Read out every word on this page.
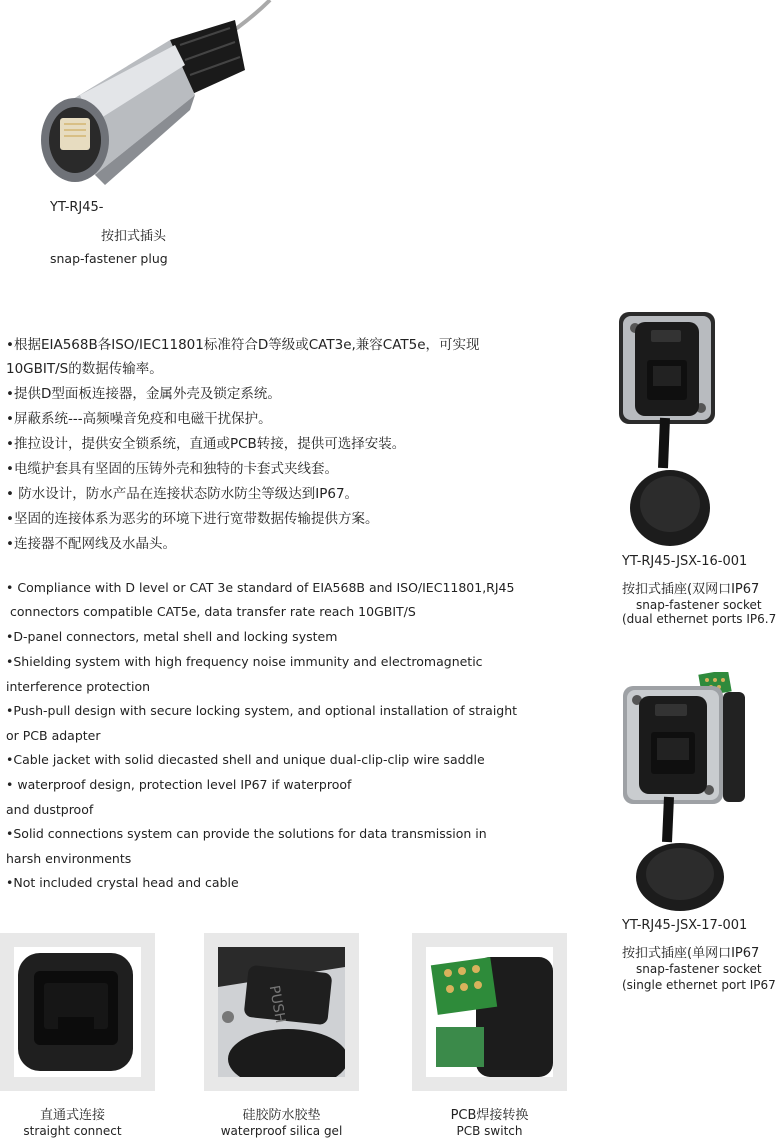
YT-RJ45-
按扣式插头
snap-fastener plug
•根据EIA568B各ISO/IEC11801标准符合D等级或CAT3e,兼容CAT5e，可实现
10GBIT/S的数据传输率。
•提供D型面板连接器，金属外壳及锁定系统。
•屏蔽系统---高频噪音免疫和电磁干扰保护。
•推拉设计，提供安全锁系统，直通或PCB转接，提供可选择安装。
•电缆护套具有坚固的压铸外壳和独特的卡套式夹线套。
• 防水设计，防水产品在连接状态防水防尘等级达到IP67。
•坚固的连接体系为恶劣的环境下进行宽带数据传输提供方案。
•连接器不配网线及水晶头。
• Compliance with D level or CAT 3e standard of EIA568B and ISO/IEC11801,RJ45
connectors compatible CAT5e, data transfer rate reach 10GBIT/S
•D-panel connectors, metal shell and locking system
•Shielding system with high frequency noise immunity and electromagnetic
interference protection
•Push-pull design with secure locking system, and optional installation of straight
or PCB adapter
•Cable jacket with solid diecasted shell and unique dual-clip-clip wire saddle
• waterproof design, protection level IP67 if waterproof
and dustproof
•Solid connections system can provide the solutions for data transmission in
harsh environments
•Not included crystal head and cable
YT-RJ45-JSX-16-001
按扣式插座(双网口IP67
snap-fastener socket
(dual ethernet ports IP6.7
YT-RJ45-JSX-17-001
按扣式插座(单网口IP67
snap-fastener socket
(single ethernet port IP67
直通式连接
straight connect
PUSH
硅胶防水胶垫
waterproof silica gel
PCB焊接转换
PCB switch
